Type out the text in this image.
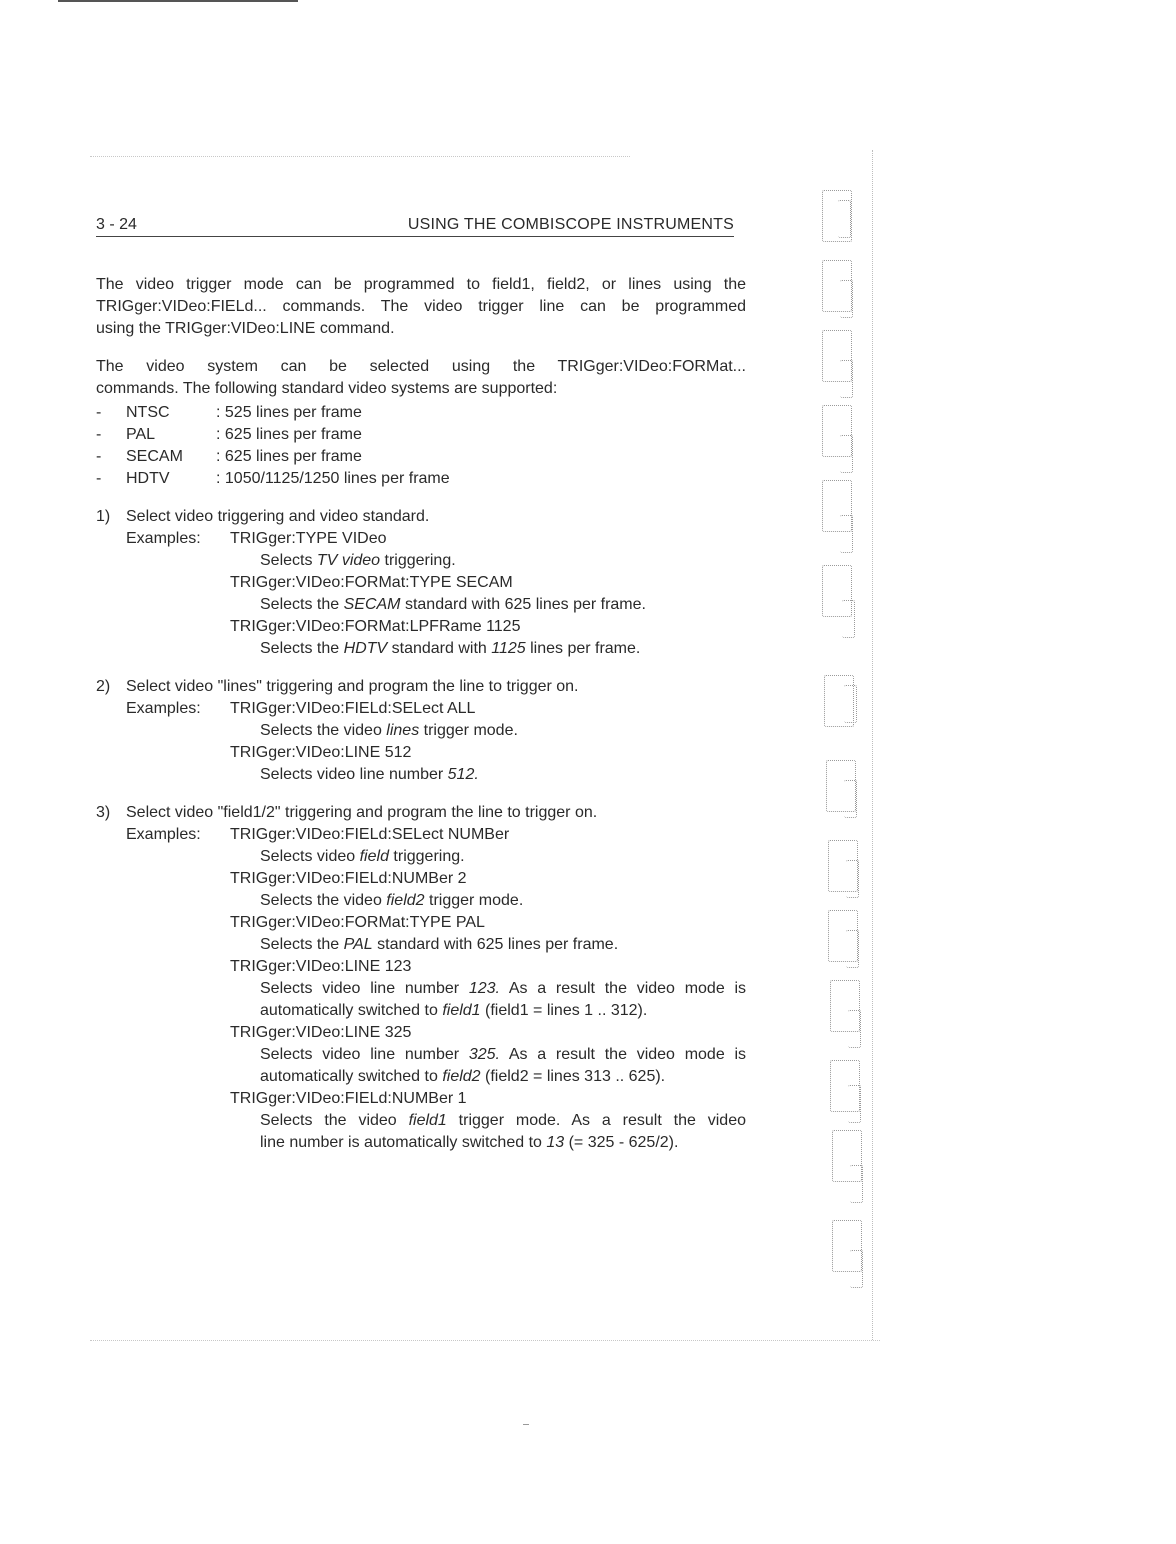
3 - 24	USING THE COMBISCOPE INSTRUMENTS

The video trigger mode can be programmed to field1, field2, or lines using the
TRIGger:VIDeo:FIELd... commands. The video trigger line can be programmed
using the TRIGger:VIDeo:LINE command.

The video system can be selected using the TRIGger:VIDeo:FORMat...
commands. The following standard video systems are supported:

-	NTSC	: 525 lines per frame
-	PAL	: 625 lines per frame
-	SECAM	: 625 lines per frame
-	HDTV	: 1050/1125/1250 lines per frame
1) Select video triggering and video standard.
Examples:	TRIGger:TYPE VIDeo
Selects TV video triggering.
TRIGger:VIDeo:FORMat:TYPE SECAM
Selects the SECAM standard with 625 lines per frame.
TRIGger:VIDeo:FORMat:LPFRame 1125
Selects the HDTV standard with 1125 lines per frame.
2) Select video "lines" triggering and program the line to trigger on.
Examples:	TRIGger:VIDeo:FIELd:SELect ALL
Selects the video lines trigger mode.
TRIGger:VIDeo:LINE 512
Selects video line number 512.
3) Select video "field1/2" triggering and program the line to trigger on.
Examples:	TRIGger:VIDeo:FIELd:SELect NUMBer
Selects video field triggering.
TRIGger:VIDeo:FIELd:NUMBer 2
Selects the video field2 trigger mode.
TRIGger:VIDeo:FORMat:TYPE PAL
Selects the PAL standard with 625 lines per frame.
TRIGger:VIDeo:LINE 123
Selects video line number 123. As a result the video mode is
automatically switched to field1 (field1 = lines 1 .. 312).
TRIGger:VIDeo:LINE 325
Selects video line number 325. As a result the video mode is
automatically switched to field2 (field2 = lines 313 .. 625).
TRIGger:VIDeo:FIELd:NUMBer 1
Selects the video field1 trigger mode. As a result the video
line number is automatically switched to 13 (= 325 - 625/2).
